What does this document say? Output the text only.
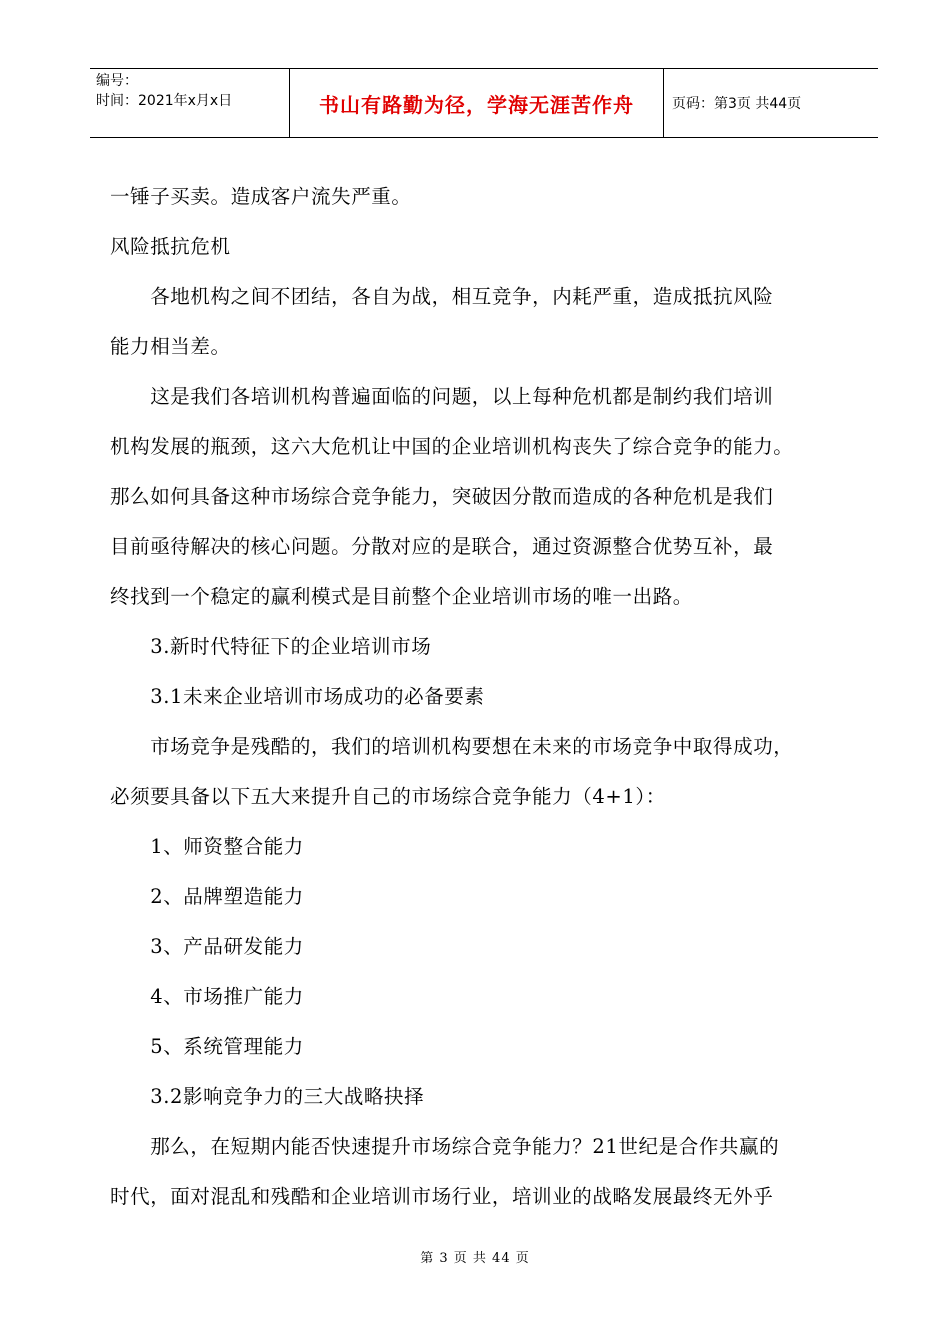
编号：
时间：2021年x月x日	书山有路勤为径，学海无涯苦作舟	页码：第3页 共44页
一锤子买卖。造成客户流失严重。
风险抵抗危机
　　各地机构之间不团结，各自为战，相互竞争，内耗严重，造成抵抗风险
能力相当差。
　　这是我们各培训机构普遍面临的问题，以上每种危机都是制约我们培训
机构发展的瓶颈，这六大危机让中国的企业培训机构丧失了综合竞争的能力。
那么如何具备这种市场综合竞争能力，突破因分散而造成的各种危机是我们
目前亟待解决的核心问题。分散对应的是联合，通过资源整合优势互补，最
终找到一个稳定的赢利模式是目前整个企业培训市场的唯一出路。
　　3.新时代特征下的企业培训市场
　　3.1未来企业培训市场成功的必备要素
　　市场竞争是残酷的，我们的培训机构要想在未来的市场竞争中取得成功，
必须要具备以下五大来提升自己的市场综合竞争能力（4+1）：
　　1、师资整合能力
　　2、品牌塑造能力
　　3、产品研发能力
　　4、市场推广能力
　　5、系统管理能力
　　3.2影响竞争力的三大战略抉择
　　那么，在短期内能否快速提升市场综合竞争能力？21世纪是合作共赢的
时代，面对混乱和残酷和企业培训市场行业，培训业的战略发展最终无外乎
第 3 页 共 44 页
